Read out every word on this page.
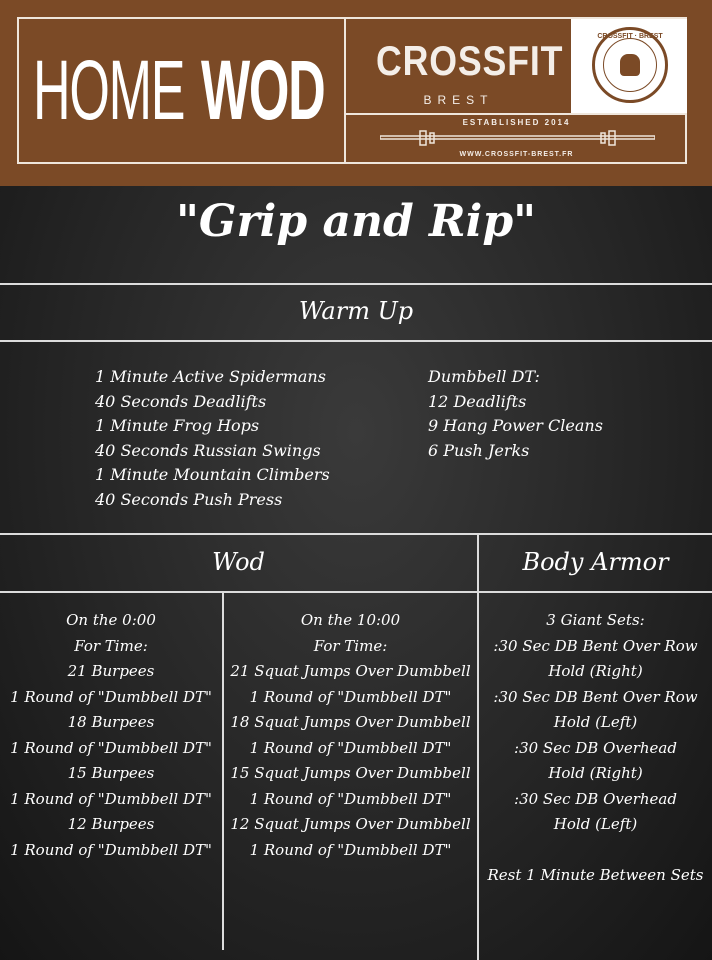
HOME WOD CROSSFIT
BREST
CROSSFIT · BREST
ESTABLISHED 2014
WWW.CROSSFIT-BREST.FR
"Grip and Rip"
Warm Up
1 Minute Active Spidermans
40 Seconds Deadlifts
1 Minute Frog Hops
40 Seconds Russian Swings
1 Minute Mountain Climbers
40 Seconds Push Press
Dumbbell DT:
12 Deadlifts
9 Hang Power Cleans
6 Push Jerks
Wod
On the 0:00
For Time:
21 Burpees
1 Round of "Dumbbell DT"
18 Burpees
1 Round of "Dumbbell DT"
15 Burpees
1 Round of "Dumbbell DT"
12 Burpees
1 Round of "Dumbbell DT"
On the 10:00
For Time:
21 Squat Jumps Over Dumbbell
1 Round of "Dumbbell DT"
18 Squat Jumps Over Dumbbell
1 Round of "Dumbbell DT"
15 Squat Jumps Over Dumbbell
1 Round of "Dumbbell DT"
12 Squat Jumps Over Dumbbell
1 Round of "Dumbbell DT"
Body Armor
3 Giant Sets:
:30 Sec DB Bent Over Row
Hold (Right)
:30 Sec DB Bent Over Row
Hold (Left)
:30 Sec DB Overhead
Hold (Right)
:30 Sec DB Overhead
Hold (Left)
Rest 1 Minute Between Sets
